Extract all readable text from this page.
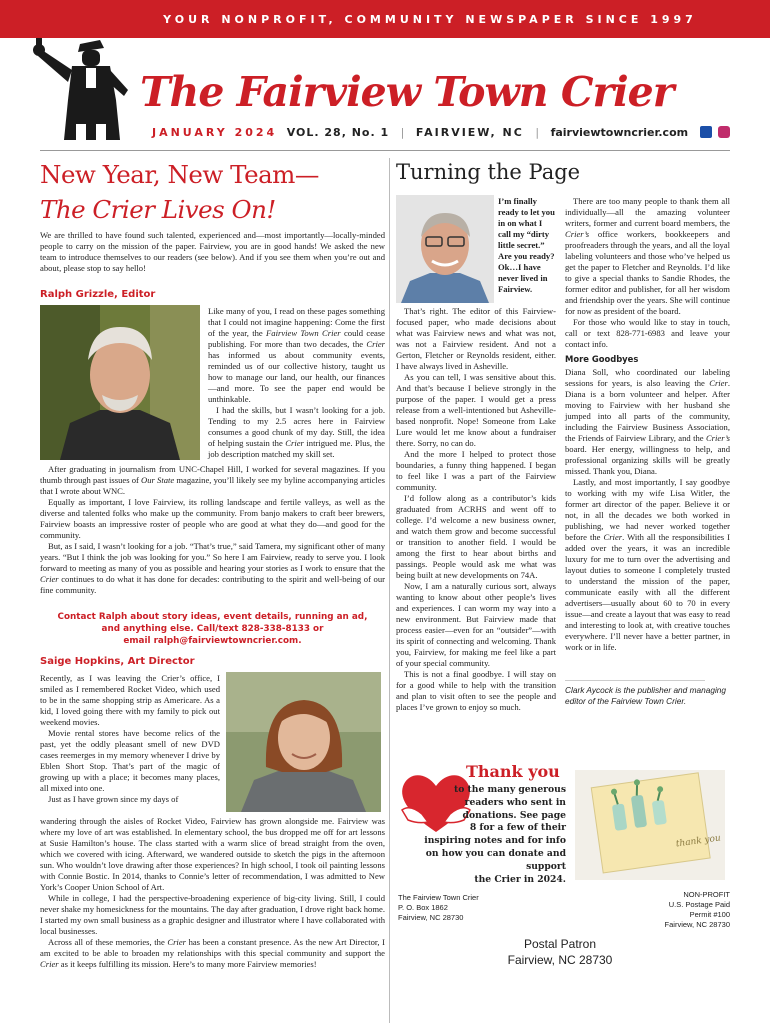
YOUR NONPROFIT, COMMUNITY NEWSPAPER SINCE 1997
The Fairview Town Crier
JANUARY 2024 VOL. 28, No. 1 | FAIRVIEW, NC | fairviewtowncrier.com
New Year, New Team—
The Crier Lives On!

We are thrilled to have found such talented, experienced and—most importantly—locally-minded people to carry on the mission of the paper. Fairview, you are in good hands! We asked the new team to introduce themselves to our readers (see below). And if you see them when you’re out and about, please stop to say hello!

Ralph Grizzle, Editor

Like many of you, I read on these pages something that I could not imagine happening: Come the first of the year, the Fairview Town Crier could cease publishing. For more than two decades, the Crier has informed us about community events, reminded us of our collective history, taught us how to manage our land, our health, our finances—and more. To see the paper end would be unthinkable.

I had the skills, but I wasn’t looking for a job. Tending to my 2.5 acres here in Fairview consumes a good chunk of my day. Still, the idea of helping sustain the Crier intrigued me. Plus, the job description matched my skill set.

After graduating in journalism from UNC-Chapel Hill, I worked for several magazines. If you thumb through past issues of Our State magazine, you’ll likely see my byline accompanying articles that I wrote about WNC.

Equally as important, I love Fairview, its rolling landscape and fertile valleys, as well as the diverse and talented folks who make up the community. From banjo makers to craft beer brewers, Fairview boasts an impressive roster of people who are good at what they do—and good for the community.

But, as I said, I wasn’t looking for a job. “That’s true,” said Tamera, my significant other of many years. “But I think the job was looking for you.” So here I am Fairview, ready to serve you. I look forward to meeting as many of you as possible and hearing your stories as I work to ensure that the Crier continues to do what it has done for decades: contributing to the spirit and well-being of our fine community.

Contact Ralph about story ideas, event details, running an ad,
and anything else. Call/text 828-338-8133 or
email ralph@fairviewtowncrier.com.
Saige Hopkins, Art Director

Recently, as I was leaving the Crier’s office, I smiled as I remembered Rocket Video, which used to be in the same shopping strip as Americare. As a kid, I loved going there with my family to pick out weekend movies.

Movie rental stores have become relics of the past, yet the oddly pleasant smell of new DVD cases reemerges in my memory whenever I drive by Eblen Short Stop. That’s part of the magic of growing up with a place; it becomes many places, all mixed into one.

Just as I have grown since my days of

wandering through the aisles of Rocket Video, Fairview has grown alongside me. Fairview was where my love of art was established. In elementary school, the bus dropped me off for art lessons at Susie Hamilton’s house. The class started with a warm slice of bread straight from the oven, which we covered with icing. Afterward, we wandered outside to sketch the pigs in the afternoon sun. Who wouldn’t love drawing after those experiences? In high school, I took oil painting lessons with Connie Bostic. In 2014, thanks to Connie’s letter of recommendation, I was admitted to New York’s Cooper Union School of Art.

While in college, I had the perspective-broadening experience of big-city living. Still, I could never shake my homesickness for the mountains. The day after graduation, I drove right back home. I started my own small business as a graphic designer and illustrator where I have collaborated with local businesses.

Across all of these memories, the Crier has been a constant presence. As the new Art Director, I am excited to be able to broaden my relationships with this special community and support the Crier as it keeps fulfilling its mission. Here’s to many more Fairview memories!

Turning the Page
I’m finally ready to let you in on what I call my “dirty little secret.” Are you ready? Ok…I have never lived in Fairview.

That’s right. The editor of this Fairview-focused paper, who made decisions about what was Fairview news and what was not, was not a Fairview resident. And not a Gerton, Fletcher or Reynolds resident, either. I have always lived in Asheville.

As you can tell, I was sensitive about this. And that’s because I believe strongly in the purpose of the paper. I would get a press release from a well-intentioned but Asheville-based nonprofit. Nope! Someone from Lake Lure would let me know about a fundraiser there. Sorry, no can do.

And the more I helped to protect those boundaries, a funny thing happened. I began to feel like I was a part of the Fairview community.

I’d follow along as a contributor’s kids graduated from ACRHS and went off to college. I’d welcome a new business owner, and watch them grow and become successful or transition to another field. I would be among the first to hear about births and passings. People would ask me what was being built at new developments on 74A.

Now, I am a naturally curious sort, always wanting to know about other people’s lives and experiences. I can worm my way into a new environment. But Fairview made that process easier—even for an “outsider”—with its spirit of connecting and welcoming. Thank you, Fairview, for making me feel like a part of your special community.

This is not a final goodbye. I will stay on for a good while to help with the transition and plan to visit often to see the people and places I’ve grown to enjoy so much.

There are too many people to thank them all individually—all the amazing volunteer writers, former and current board members, the Crier’s office workers, bookkeepers and proofreaders through the years, and all the loyal labeling volunteers and those who’ve helped us get the paper to Fletcher and Reynolds. I’d like to give a special thanks to Sandie Rhodes, the former editor and publisher, for all her wisdom and friendship over the years. She will continue for now as president of the board.

For those who would like to stay in touch, call or text 828-771-6983 and leave your contact info.

More Goodbyes

Diana Soll, who coordinated our labeling sessions for years, is also leaving the Crier. Diana is a born volunteer and helper. After moving to Fairview with her husband she jumped into all parts of the community, including the Fairview Business Association, the Friends of Fairview Library, and the Crier’s board. Her energy, willingness to help, and professional organizing skills will be greatly missed. Thank you, Diana.

Lastly, and most importantly, I say goodbye to working with my wife Lisa Witler, the former art director of the paper. Believe it or not, in all the decades we both worked in publishing, we had never worked together before the Crier. With all the responsibilities I added over the years, it was an incredible luxury for me to turn over the advertising and layout duties to someone I completely trusted to understand the mission of the paper, communicate easily with all the different advertisers—usually about 60 to 70 in every issue—and create a layout that was easy to read and interesting to look at, with creative touches everywhere. I’ll never have a better partner, in work or in life.

Clark Aycock is the publisher and managing editor of the Fairview Town Crier.
Thank you
to the many generous
readers who sent in
donations. See page
8 for a few of their
inspiring notes and for info
on how you can donate and support
the Crier in 2024.
thank you
The Fairview Town Crier
P. O. Box 1862
Fairview, NC 28730
NON-PROFIT
U.S. Postage Paid
Permit #100
Fairview, NC 28730
Postal Patron
Fairview, NC 28730
